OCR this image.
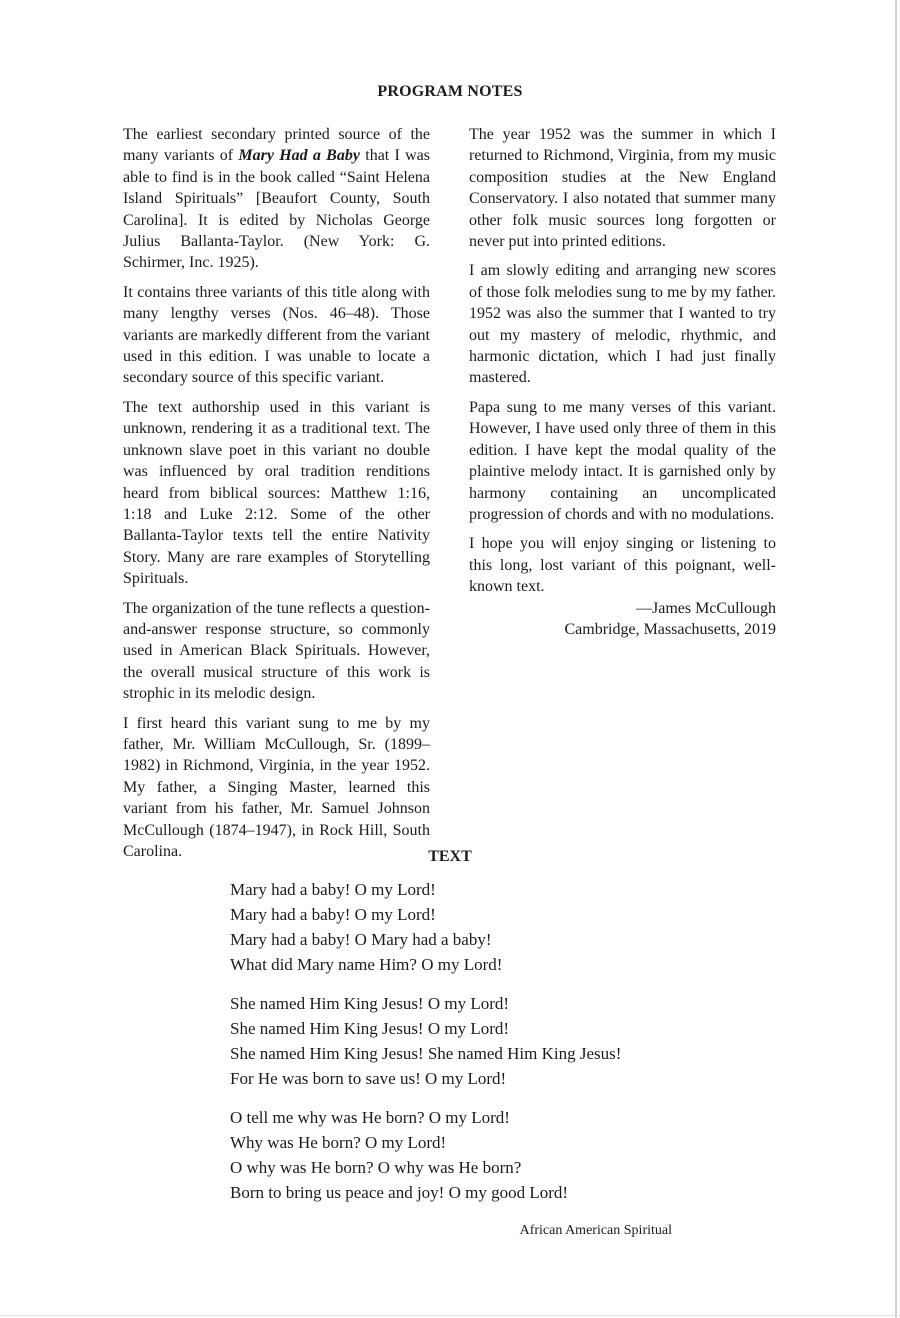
PROGRAM NOTES

The earliest secondary printed source of the many variants of Mary Had a Baby that I was able to find is in the book called “Saint Helena Island Spirituals” [Beaufort County, South Carolina]. It is edited by Nicholas George Julius Ballanta-Taylor. (New York: G. Schirmer, Inc. 1925).

It contains three variants of this title along with many lengthy verses (Nos. 46–48). Those variants are markedly different from the variant used in this edition. I was unable to locate a secondary source of this specific variant.

The text authorship used in this variant is unknown, rendering it as a traditional text. The unknown slave poet in this variant no double was influenced by oral tradition renditions heard from biblical sources: Matthew 1:16, 1:18 and Luke 2:12. Some of the other Ballanta-Taylor texts tell the entire Nativity Story. Many are rare examples of Storytelling Spirituals.

The organization of the tune reflects a question-and-answer response structure, so commonly used in American Black Spirituals. However, the overall musical structure of this work is strophic in its melodic design.

I first heard this variant sung to me by my father, Mr. William McCullough, Sr. (1899–1982) in Richmond, Virginia, in the year 1952. My father, a Singing Master, learned this variant from his father, Mr. Samuel Johnson McCullough (1874–1947), in Rock Hill, South Carolina.

The year 1952 was the summer in which I returned to Richmond, Virginia, from my music composition studies at the New England Conservatory. I also notated that summer many other folk music sources long forgotten or never put into printed editions.

I am slowly editing and arranging new scores of those folk melodies sung to me by my father. 1952 was also the summer that I wanted to try out my mastery of melodic, rhythmic, and harmonic dictation, which I had just finally mastered.

Papa sung to me many verses of this variant. However, I have used only three of them in this edition. I have kept the modal quality of the plaintive melody intact. It is garnished only by harmony containing an uncomplicated progression of chords and with no modulations.

I hope you will enjoy singing or listening to this long, lost variant of this poignant, well-known text.

—James McCullough
Cambridge, Massachusetts, 2019
TEXT
Mary had a baby! O my Lord!
Mary had a baby! O my Lord!
Mary had a baby! O Mary had a baby!
What did Mary name Him? O my Lord!
She named Him King Jesus! O my Lord!
She named Him King Jesus! O my Lord!
She named Him King Jesus! She named Him King Jesus!
For He was born to save us! O my Lord!
O tell me why was He born? O my Lord!
Why was He born? O my Lord!
O why was He born? O why was He born?
Born to bring us peace and joy! O my good Lord!
African American Spiritual
